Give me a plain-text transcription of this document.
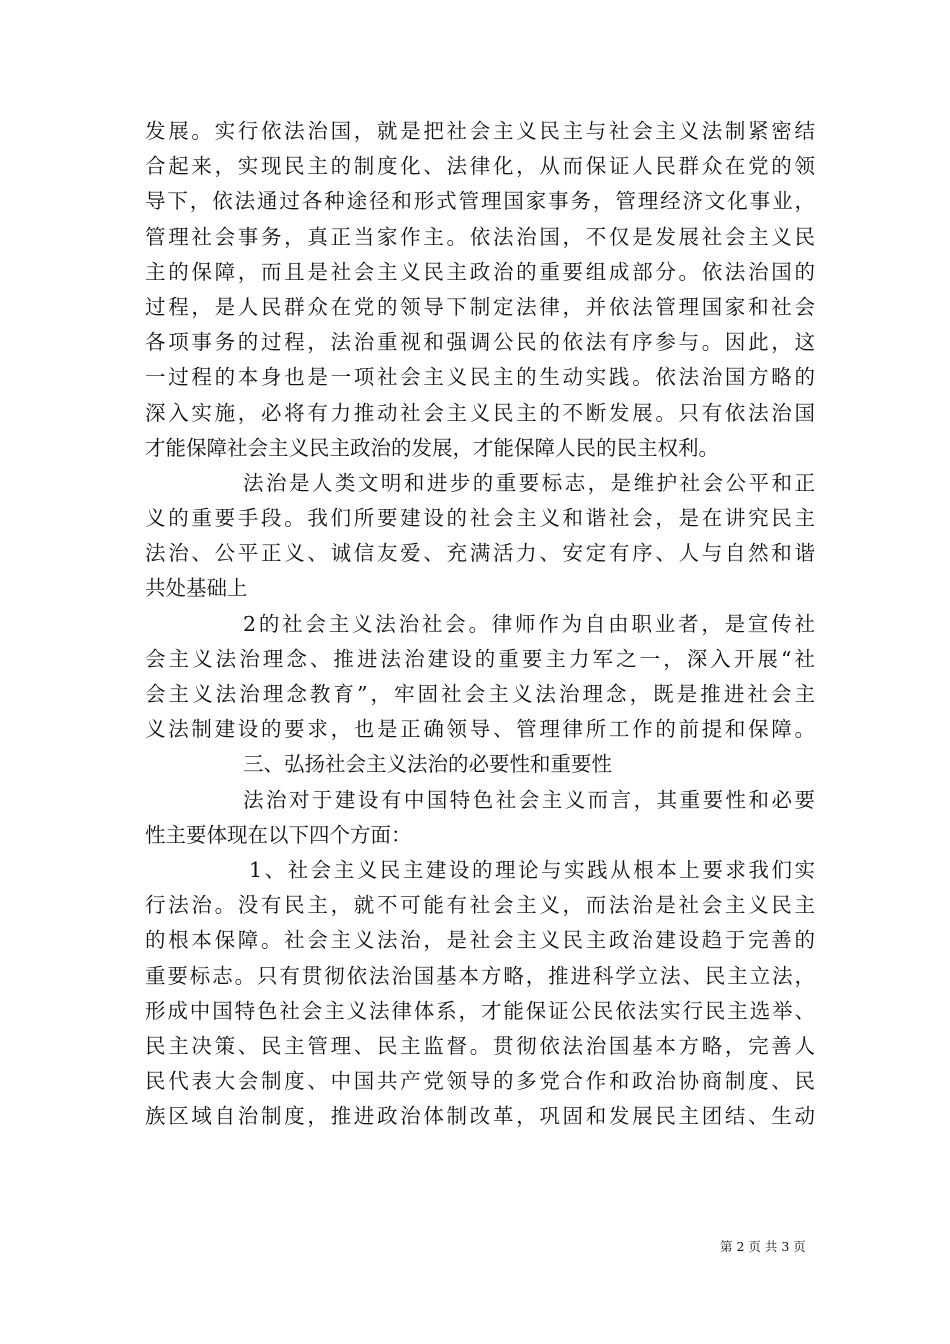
发展。实行依法治国，就是把社会主义民主与社会主义法制紧密结
合起来，实现民主的制度化、法律化，从而保证人民群众在党的领
导下，依法通过各种途径和形式管理国家事务，管理经济文化事业，
管理社会事务，真正当家作主。依法治国，不仅是发展社会主义民
主的保障，而且是社会主义民主政治的重要组成部分。依法治国的
过程，是人民群众在党的领导下制定法律，并依法管理国家和社会
各项事务的过程，法治重视和强调公民的依法有序参与。因此，这
一过程的本身也是一项社会主义民主的生动实践。依法治国方略的
深入实施，必将有力推动社会主义民主的不断发展。只有依法治国
才能保障社会主义民主政治的发展，才能保障人民的民主权利。
法治是人类文明和进步的重要标志，是维护社会公平和正
义的重要手段。我们所要建设的社会主义和谐社会，是在讲究民主
法治、公平正义、诚信友爱、充满活力、安定有序、人与自然和谐
共处基础上
2的社会主义法治社会。律师作为自由职业者，是宣传社
会主义法治理念、推进法治建设的重要主力军之一，深入开展“社
会主义法治理念教育”，牢固社会主义法治理念，既是推进社会主
义法制建设的要求，也是正确领导、管理律所工作的前提和保障。
三、弘扬社会主义法治的必要性和重要性
法治对于建设有中国特色社会主义而言，其重要性和必要
性主要体现在以下四个方面：
1、社会主义民主建设的理论与实践从根本上要求我们实
行法治。没有民主，就不可能有社会主义，而法治是社会主义民主
的根本保障。社会主义法治，是社会主义民主政治建设趋于完善的
重要标志。只有贯彻依法治国基本方略，推进科学立法、民主立法，
形成中国特色社会主义法律体系，才能保证公民依法实行民主选举、
民主决策、民主管理、民主监督。贯彻依法治国基本方略，完善人
民代表大会制度、中国共产党领导的多党合作和政治协商制度、民
族区域自治制度，推进政治体制改革，巩固和发展民主团结、生动
第 2 页 共 3 页
